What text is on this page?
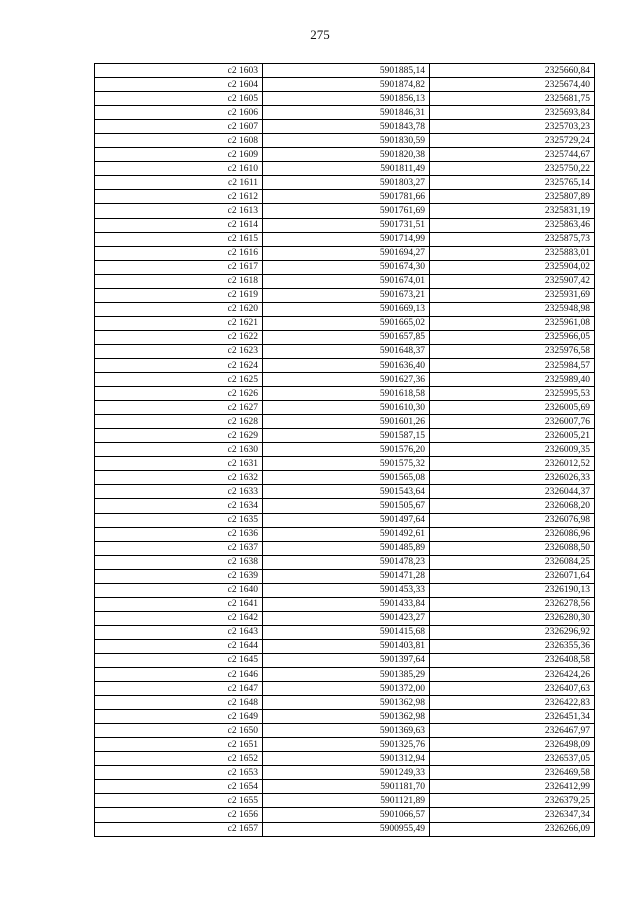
275
c2 1603	5901885,14	2325660,84
c2 1604	5901874,82	2325674,40
c2 1605	5901856,13	2325681,75
c2 1606	5901846,31	2325693,84
c2 1607	5901843,78	2325703,23
c2 1608	5901830,59	2325729,24
c2 1609	5901820,38	2325744,67
c2 1610	5901811,49	2325750,22
c2 1611	5901803,27	2325765,14
c2 1612	5901781,66	2325807,89
c2 1613	5901761,69	2325831,19
c2 1614	5901731,51	2325863,46
c2 1615	5901714,99	2325875,73
c2 1616	5901694,27	2325883,01
c2 1617	5901674,30	2325904,02
c2 1618	5901674,01	2325907,42
c2 1619	5901673,21	2325931,69
c2 1620	5901669,13	2325948,98
c2 1621	5901665,02	2325961,08
c2 1622	5901657,85	2325966,05
c2 1623	5901648,37	2325976,58
c2 1624	5901636,40	2325984,57
c2 1625	5901627,36	2325989,40
c2 1626	5901618,58	2325995,53
c2 1627	5901610,30	2326005,69
c2 1628	5901601,26	2326007,76
c2 1629	5901587,15	2326005,21
c2 1630	5901576,20	2326009,35
c2 1631	5901575,32	2326012,52
c2 1632	5901565,08	2326026,33
c2 1633	5901543,64	2326044,37
c2 1634	5901505,67	2326068,20
c2 1635	5901497,64	2326076,98
c2 1636	5901492,61	2326086,96
c2 1637	5901485,89	2326088,50
c2 1638	5901478,23	2326084,25
c2 1639	5901471,28	2326071,64
c2 1640	5901453,33	2326190,13
c2 1641	5901433,84	2326278,56
c2 1642	5901423,27	2326280,30
c2 1643	5901415,68	2326296,92
c2 1644	5901403,81	2326355,36
c2 1645	5901397,64	2326408,58
c2 1646	5901385,29	2326424,26
c2 1647	5901372,00	2326407,63
c2 1648	5901362,98	2326422,83
c2 1649	5901362,98	2326451,34
c2 1650	5901369,63	2326467,97
c2 1651	5901325,76	2326498,09
c2 1652	5901312,94	2326537,05
c2 1653	5901249,33	2326469,58
c2 1654	5901181,70	2326412,99
c2 1655	5901121,89	2326379,25
c2 1656	5901066,57	2326347,34
c2 1657	5900955,49	2326266,09
